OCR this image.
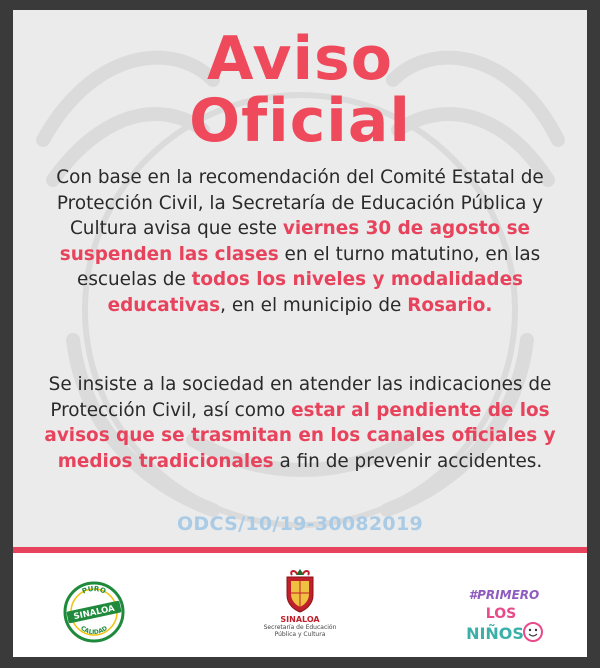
Aviso
Oficial
Con base en la recomendación del Comité Estatal de Protección Civil, la Secretaría de Educación Pública y Cultura avisa que este viernes 30 de agosto se suspenden las clases en el turno matutino, en las escuelas de todos los niveles y modalidades educativas, en el municipio de Rosario.
Se insiste a la sociedad en atender las indicaciones de Protección Civil, así como estar al pendiente de los avisos que se trasmitan en los canales oficiales y medios tradicionales a fin de prevenir accidentes.
ODCS/10/19-30082019
PURO
SINALOA
CALIDAD
SINALOA
Secretaría de Educación
Pública y Cultura
#PRIMERO
LOS
NIÑOS
